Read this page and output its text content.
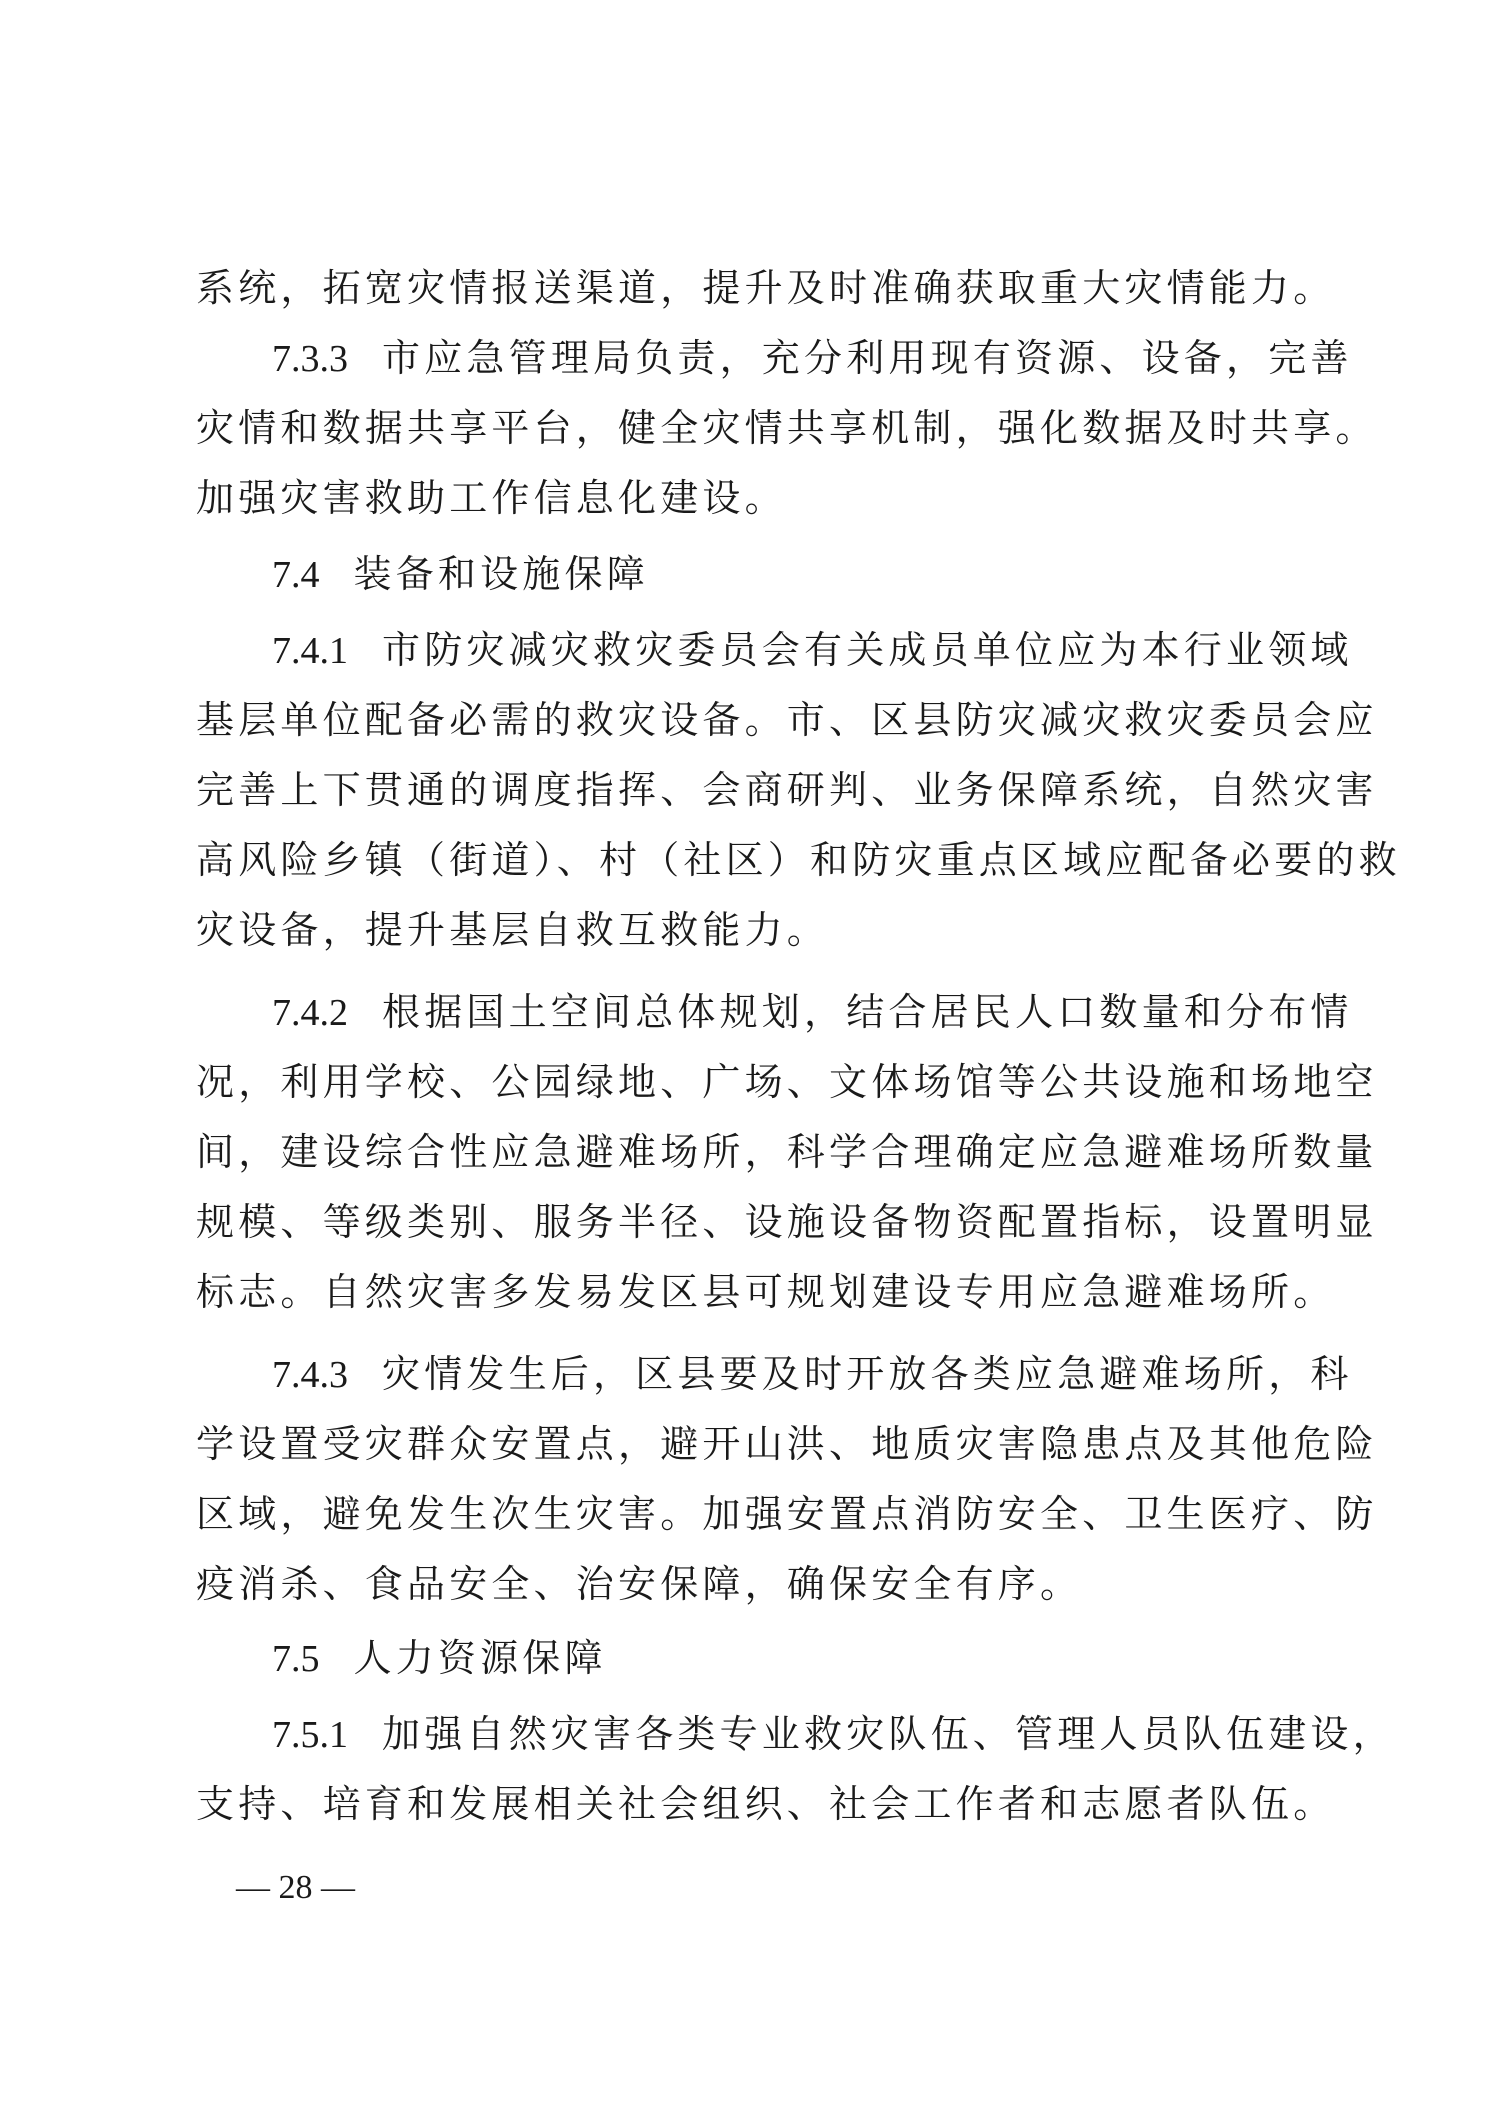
系统，拓宽灾情报送渠道，提升及时准确获取重大灾情能力。
7.3.3 市应急管理局负责，充分利用现有资源、设备，完善
灾情和数据共享平台，健全灾情共享机制，强化数据及时共享。
加强灾害救助工作信息化建设。
7.4 装备和设施保障
7.4.1 市防灾减灾救灾委员会有关成员单位应为本行业领域
基层单位配备必需的救灾设备。市、区县防灾减灾救灾委员会应
完善上下贯通的调度指挥、会商研判、业务保障系统，自然灾害
高风险乡镇（街道）、村（社区）和防灾重点区域应配备必要的救
灾设备，提升基层自救互救能力。
7.4.2 根据国土空间总体规划，结合居民人口数量和分布情
况，利用学校、公园绿地、广场、文体场馆等公共设施和场地空
间，建设综合性应急避难场所，科学合理确定应急避难场所数量
规模、等级类别、服务半径、设施设备物资配置指标，设置明显
标志。自然灾害多发易发区县可规划建设专用应急避难场所。
7.4.3 灾情发生后，区县要及时开放各类应急避难场所，科
学设置受灾群众安置点，避开山洪、地质灾害隐患点及其他危险
区域，避免发生次生灾害。加强安置点消防安全、卫生医疗、防
疫消杀、食品安全、治安保障，确保安全有序。
7.5 人力资源保障
7.5.1 加强自然灾害各类专业救灾队伍、管理人员队伍建设，
支持、培育和发展相关社会组织、社会工作者和志愿者队伍。
— 28 —
